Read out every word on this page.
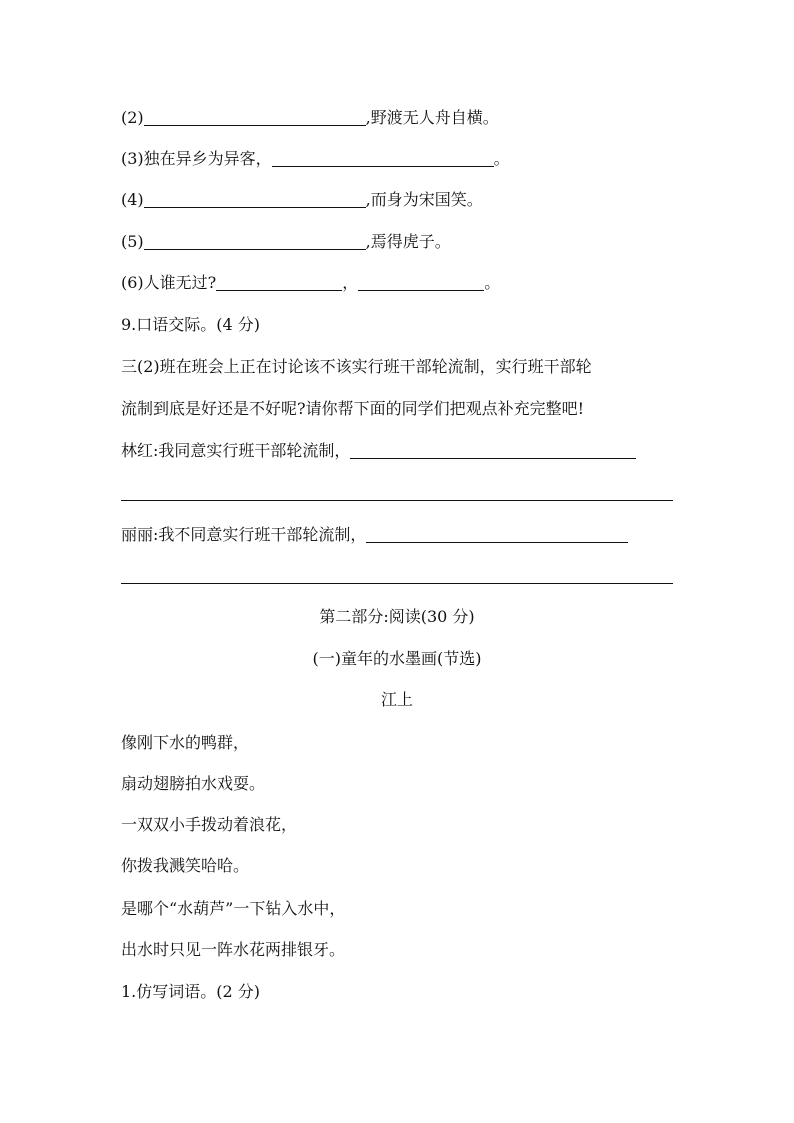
(2)	,野渡无人舟自横。
(3)独在异乡为异客，	。
(4)	,而身为宋国笑。
(5)	,焉得虎子。
(6)人谁无过?	，	。
9.口语交际。(4 分)
三(2)班在班会上正在讨论该不该实行班干部轮流制，实行班干部轮
流制到底是好还是不好呢?请你帮下面的同学们把观点补充完整吧!
林红:我同意实行班干部轮流制，
丽丽:我不同意实行班干部轮流制，
第二部分:阅读(30 分)
(一)童年的水墨画(节选)
江上
像刚下水的鸭群，
扇动翅膀拍水戏耍。
一双双小手拨动着浪花，
你拨我溅笑哈哈。
是哪个“水葫芦”一下钻入水中，
出水时只见一阵水花两排银牙。
1.仿写词语。(2 分)
